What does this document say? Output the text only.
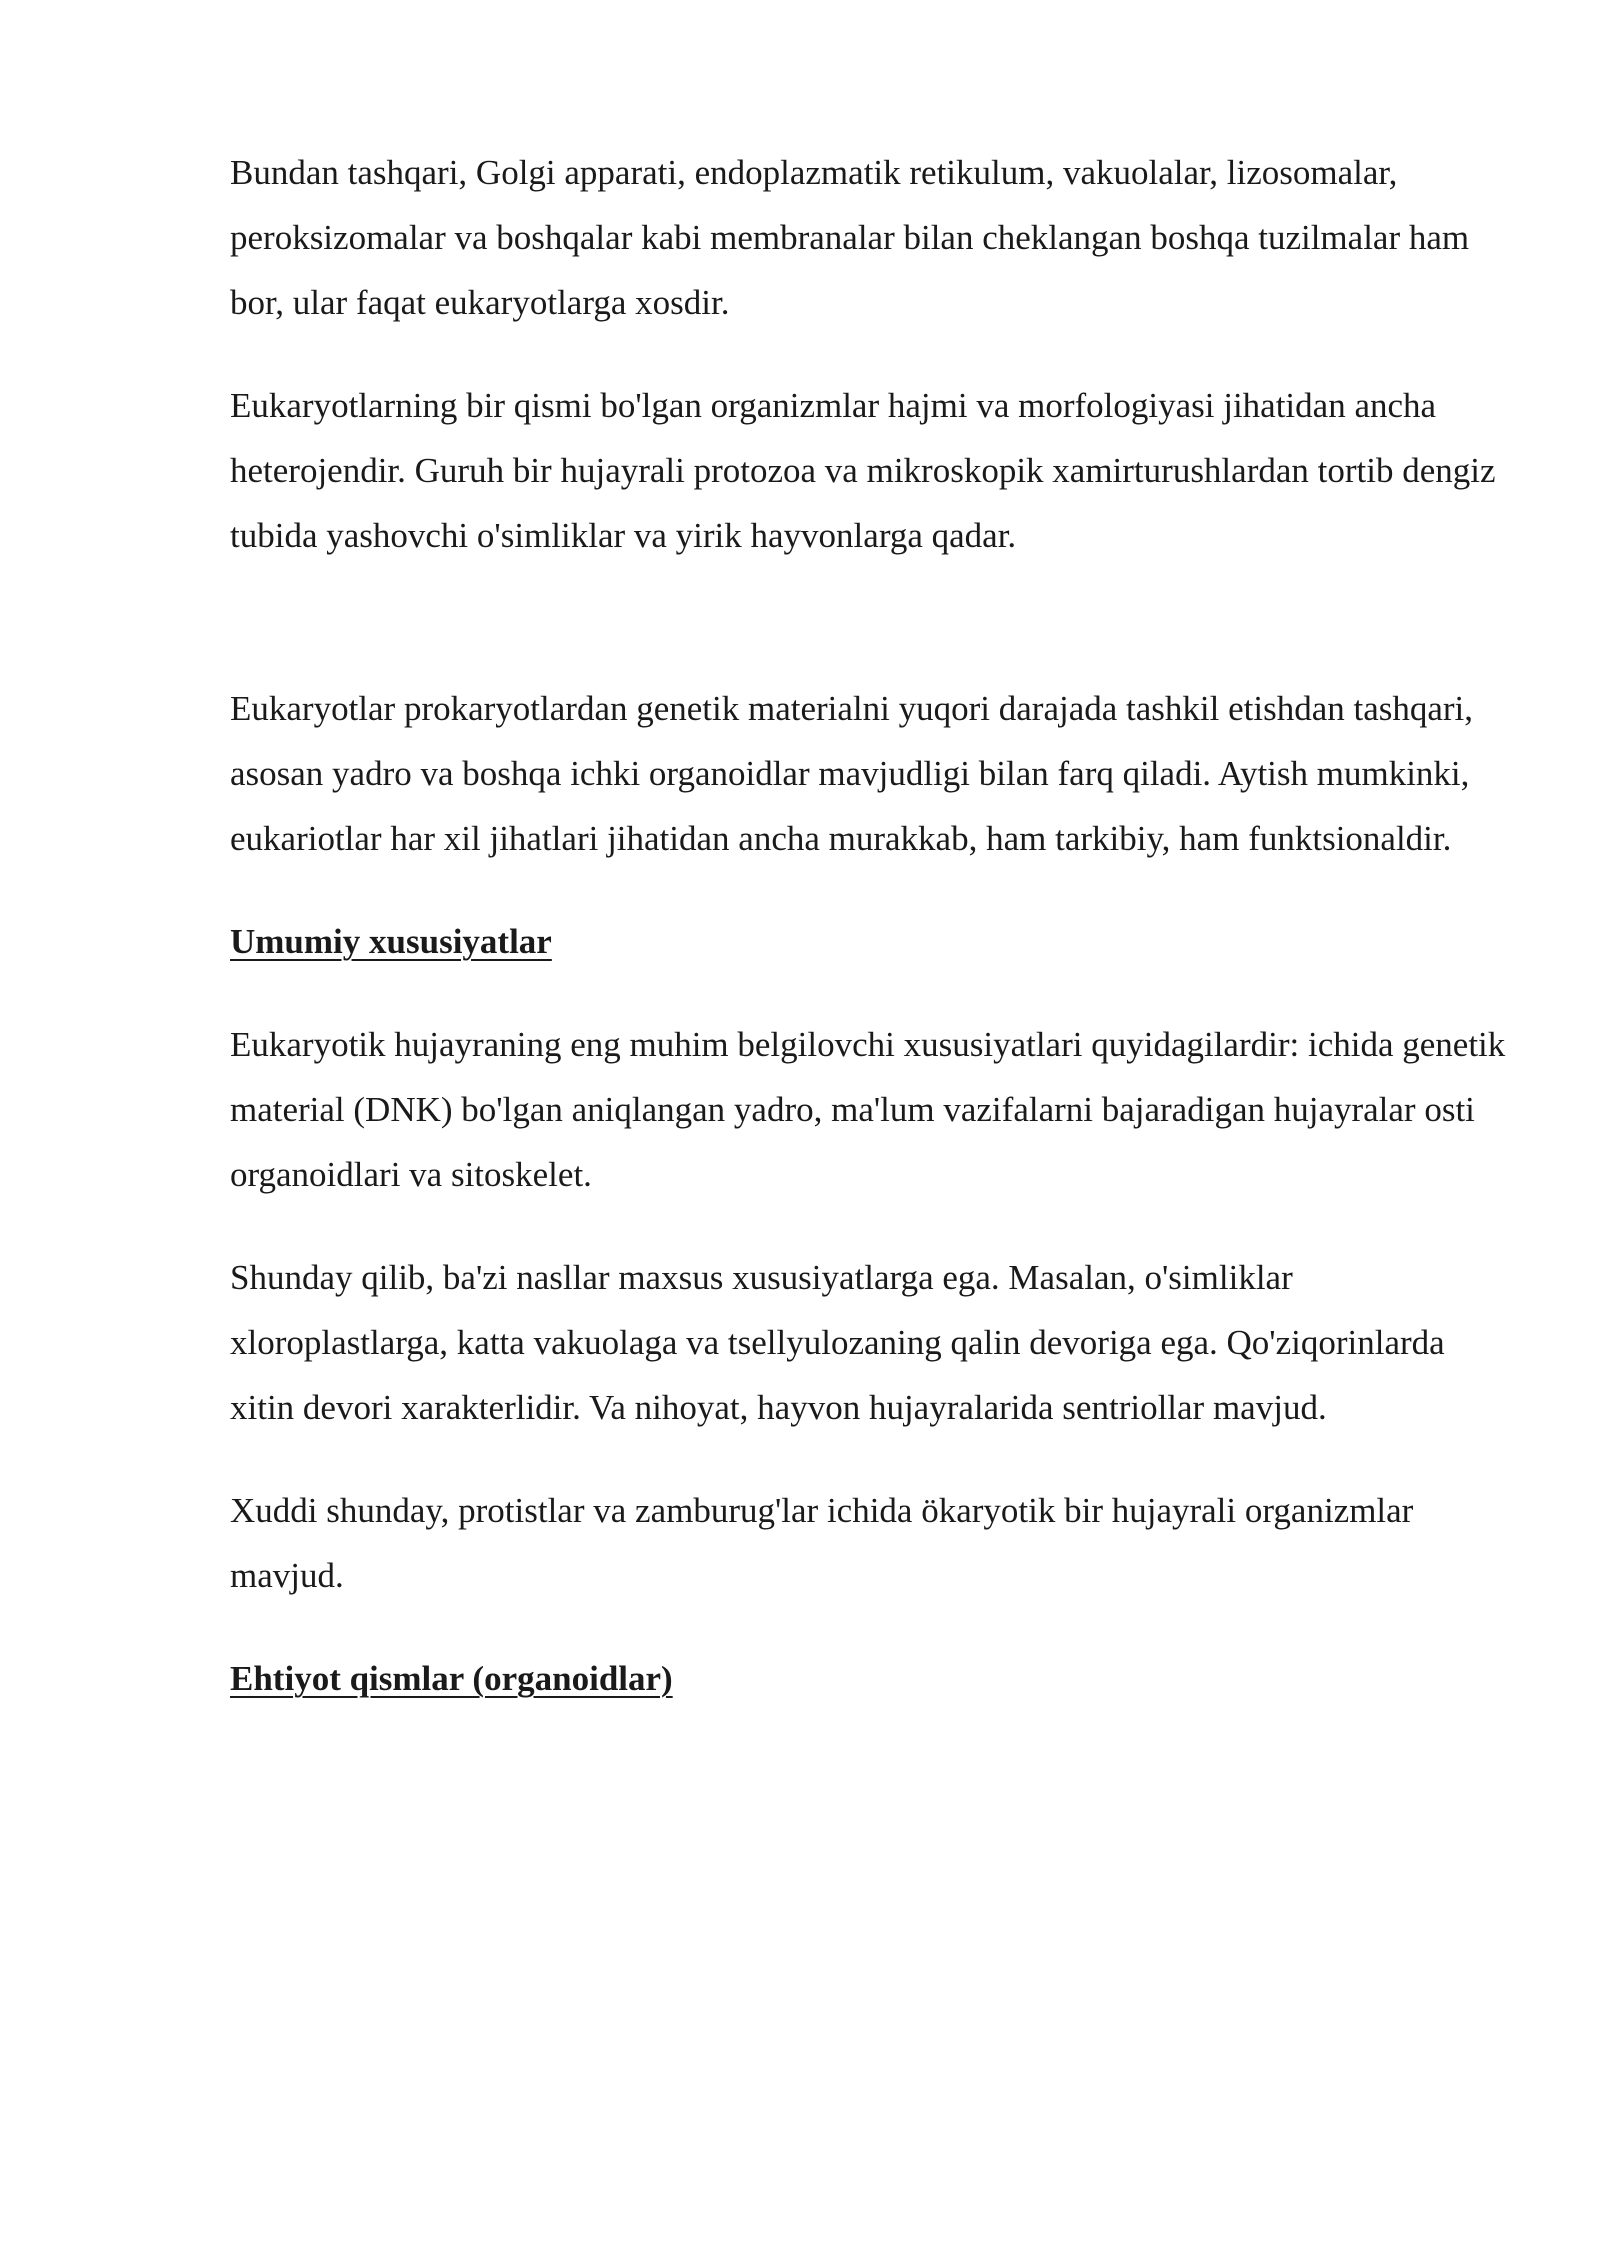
Bundan tashqari, Golgi apparati, endoplazmatik retikulum, vakuolalar, lizosomalar, peroksizomalar va boshqalar kabi membranalar bilan cheklangan boshqa tuzilmalar ham bor, ular faqat eukaryotlarga xosdir.

Eukaryotlarning bir qismi bo'lgan organizmlar hajmi va morfologiyasi jihatidan ancha heterojendir. Guruh bir hujayrali protozoa va mikroskopik xamirturushlardan tortib dengiz tubida yashovchi o'simliklar va yirik hayvonlarga qadar.

Eukaryotlar prokaryotlardan genetik materialni yuqori darajada tashkil etishdan tashqari, asosan yadro va boshqa ichki organoidlar mavjudligi bilan farq qiladi. Aytish mumkinki, eukariotlar har xil jihatlari jihatidan ancha murakkab, ham tarkibiy, ham funktsionaldir.

Umumiy xususiyatlar

Eukaryotik hujayraning eng muhim belgilovchi xususiyatlari quyidagilardir: ichida genetik material (DNK) bo'lgan aniqlangan yadro, ma'lum vazifalarni bajaradigan hujayralar osti organoidlari va sitoskelet.

Shunday qilib, ba'zi nasllar maxsus xususiyatlarga ega. Masalan, o'simliklar xloroplastlarga, katta vakuolaga va tsellyulozaning qalin devoriga ega. Qo'ziqorinlarda xitin devori xarakterlidir. Va nihoyat, hayvon hujayralarida sentriollar mavjud.

Xuddi shunday, protistlar va zamburug'lar ichida ökaryotik bir hujayrali organizmlar mavjud.

Ehtiyot qismlar (organoidlar)
